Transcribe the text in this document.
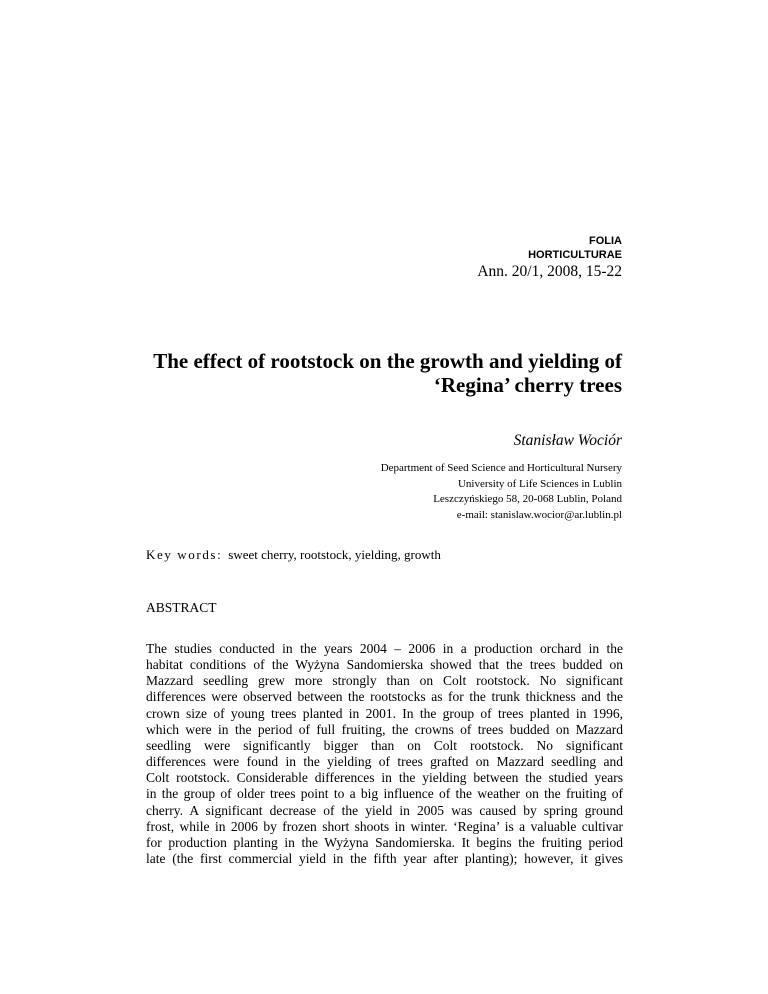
FOLIA
HORTICULTURAE
Ann. 20/1, 2008, 15-22
The effect of rootstock on the growth and yielding of
‘Regina’ cherry trees
Stanisław Wociór
Department of Seed Science and Horticultural Nursery
University of Life Sciences in Lublin
Leszczyńskiego 58, 20-068 Lublin, Poland
e-mail: stanislaw.wocior@ar.lublin.pl
Key words: sweet cherry, rootstock, yielding, growth
ABSTRACT
The studies conducted in the years 2004 – 2006 in a production orchard in the
habitat conditions of the Wyżyna Sandomierska showed that the trees budded on
Mazzard seedling grew more strongly than on Colt rootstock. No significant
differences were observed between the rootstocks as for the trunk thickness and the
crown size of young trees planted in 2001. In the group of trees planted in 1996,
which were in the period of full fruiting, the crowns of trees budded on Mazzard
seedling were significantly bigger than on Colt rootstock. No significant
differences were found in the yielding of trees grafted on Mazzard seedling and
Colt rootstock. Considerable differences in the yielding between the studied years
in the group of older trees point to a big influence of the weather on the fruiting of
cherry. A significant decrease of the yield in 2005 was caused by spring ground
frost, while in 2006 by frozen short shoots in winter. ‘Regina’ is a valuable cultivar
for production planting in the Wyżyna Sandomierska. It begins the fruiting period
late (the first commercial yield in the fifth year after planting); however, it gives
